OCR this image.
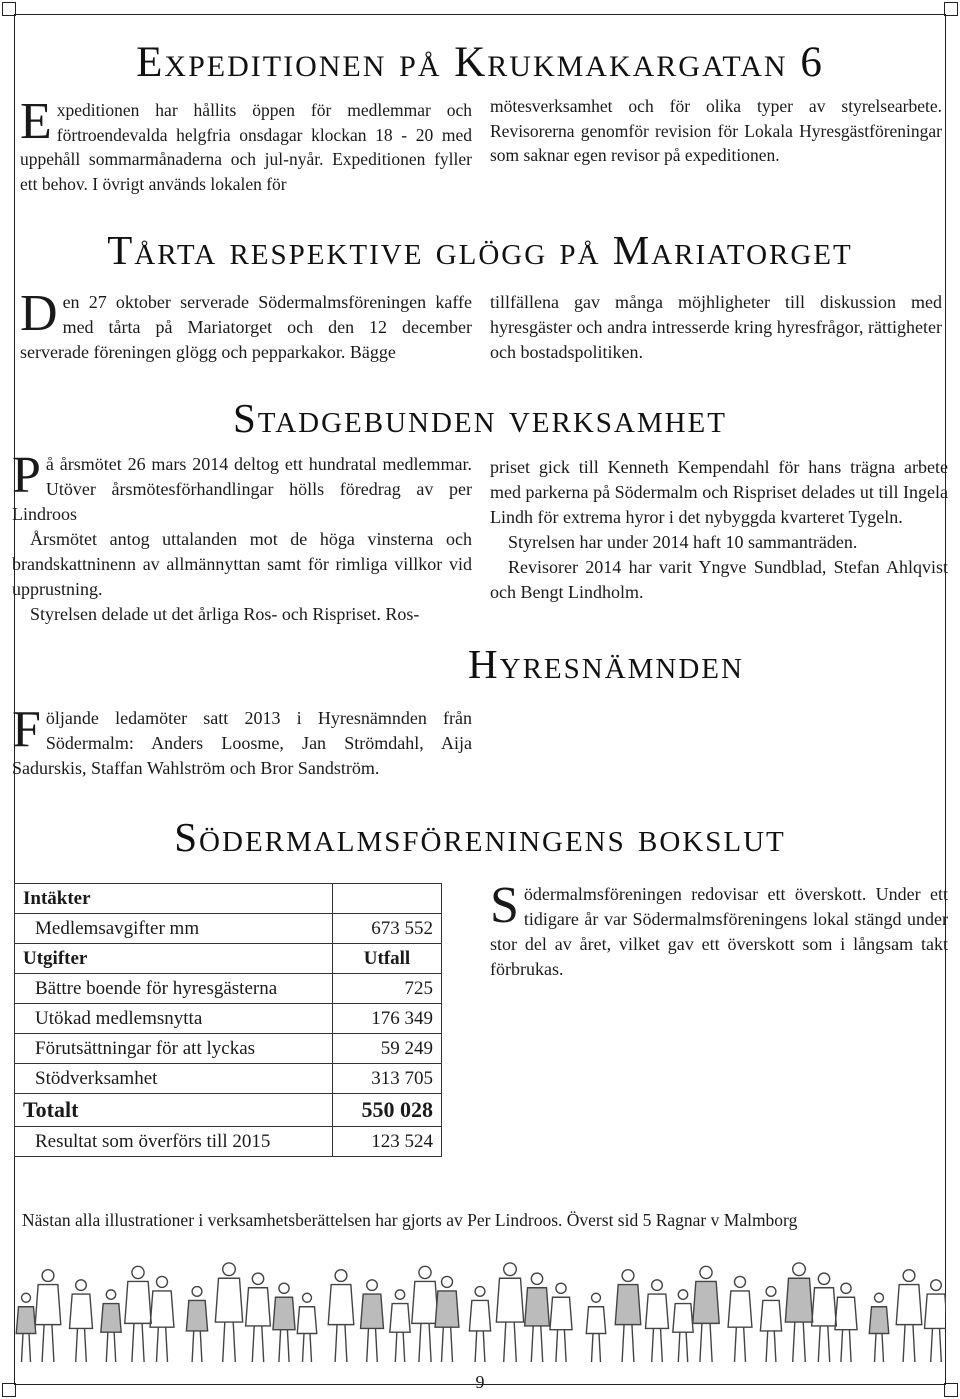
Expeditionen på Krukmakargatan 6
Expeditionen har hållits öppen för medlemmar och förtroendevalda helgfria onsdagar klockan 18 - 20 med uppehåll sommarmånaderna och jul-nyår. Expeditionen fyller ett behov. I övrigt används lokalen för
mötesverksamhet och för olika typer av styrelsearbete. Revisorerna genomför revision för Lokala Hyresgästföreningar som saknar egen revisor på expeditionen.
Tårta respektive glögg på Mariatorget
Den 27 oktober serverade Södermalmsföreningen kaffe med tårta på Mariatorget och den 12 december serverade föreningen glögg och pepparkakor. Bägge
tillfällena gav många möjhligheter till diskussion med hyresgäster och andra intresserde kring hyresfrågor, rättigheter och bostadspolitiken.
Stadgebunden verksamhet

På årsmötet 26 mars 2014 deltog ett hundratal medlemmar. Utöver årsmötesförhandlingar hölls föredrag av per Lindroos

Årsmötet antog uttalanden mot de höga vinsterna och brandskattninenn av allmännyttan samt för rimliga villkor vid upprustning.

Styrelsen delade ut det årliga Ros- och Rispriset. Ros-

priset gick till Kenneth Kempendahl för hans trägna arbete med parkerna på Södermalm och Rispriset delades ut till Ingela Lindh för extrema hyror i det nybyggda kvarteret Tygeln.

Styrelsen har under 2014 haft 10 sammanträden.

Revisorer 2014 har varit Yngve Sundblad, Stefan Ahlqvist och Bengt Lindholm.

Hyresnämnden
Följande ledamöter satt 2013 i Hyresnämnden från Södermalm: Anders Loosme, Jan Strömdahl, Aija Sadurskis, Staffan Wahlström och Bror Sandström.
Södermalmsföreningens bokslut
Södermalmsföreningen redovisar ett överskott. Under ett tidigare år var Södermalmsföreningens lokal stängd under stor del av året, vilket gav ett överskott som i långsam takt förbrukas.
Intäkter	
Medlemsavgifter mm	673 552
Utgifter	Utfall
Bättre boende för hyresgästerna	725
Utökad medlemsnytta	176 349
Förutsättningar för att lyckas	59 249
Stödverksamhet	313 705
Totalt	550 028
Resultat som överförs till 2015	123 524
Nästan alla illustrationer i verksamhetsberättelsen har gjorts av Per Lindroos. Överst sid 5 Ragnar v Malmborg
9
